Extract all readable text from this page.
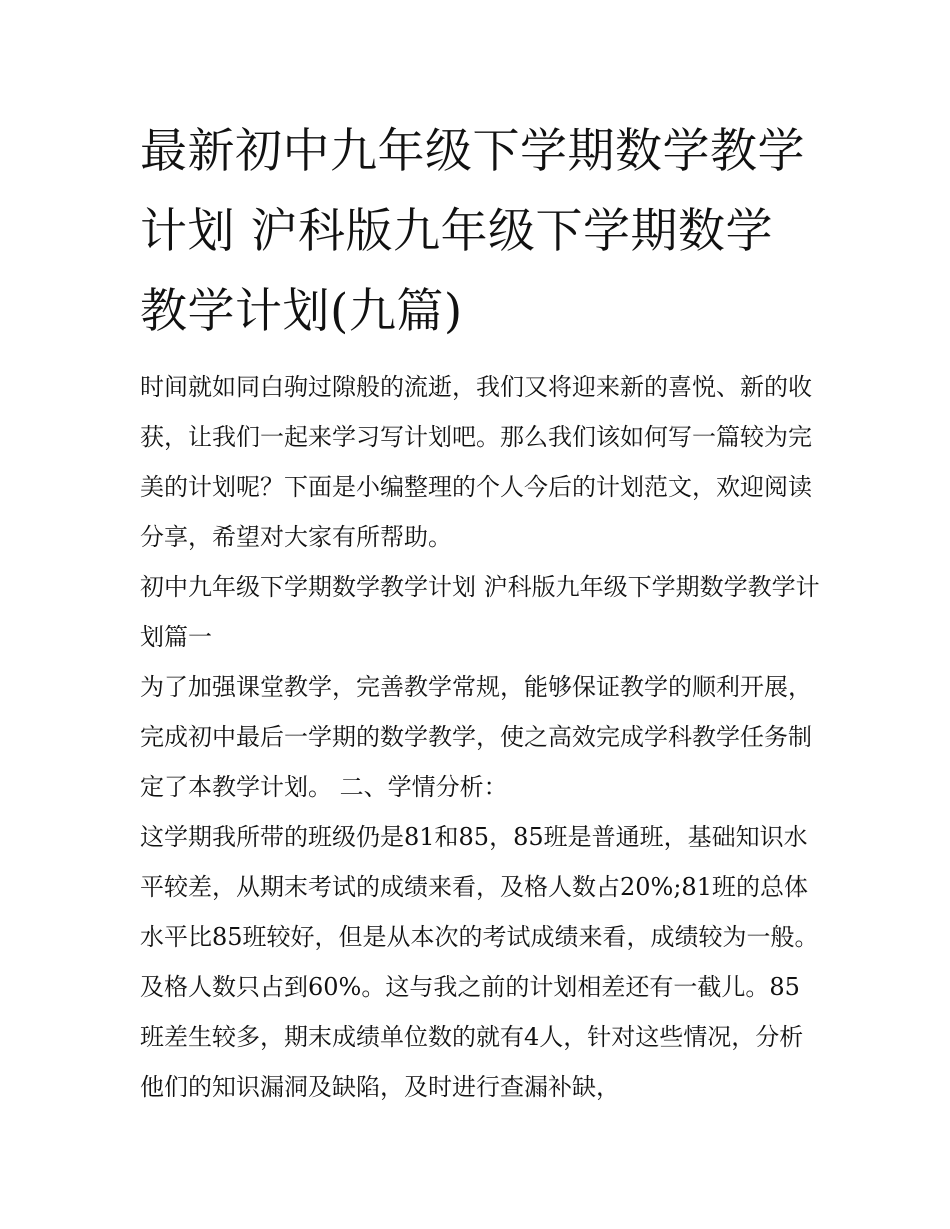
最新初中九年级下学期数学教学计划 沪科版九年级下学期数学教学计划(九篇)

时间就如同白驹过隙般的流逝，我们又将迎来新的喜悦、新的收获，让我们一起来学习写计划吧。那么我们该如何写一篇较为完美的计划呢？下面是小编整理的个人今后的计划范文，欢迎阅读分享，希望对大家有所帮助。

初中九年级下学期数学教学计划 沪科版九年级下学期数学教学计划篇一

为了加强课堂教学，完善教学常规，能够保证教学的顺利开展，完成初中最后一学期的数学教学，使之高效完成学科教学任务制定了本教学计划。 二、学情分析：

这学期我所带的班级仍是81和85，85班是普通班，基础知识水平较差，从期末考试的成绩来看，及格人数占20%;81班的总体水平比85班较好，但是从本次的考试成绩来看，成绩较为一般。及格人数只占到60%。这与我之前的计划相差还有一截儿。85班差生较多，期末成绩单位数的就有4人，针对这些情况，分析他们的知识漏洞及缺陷，及时进行查漏补缺，
